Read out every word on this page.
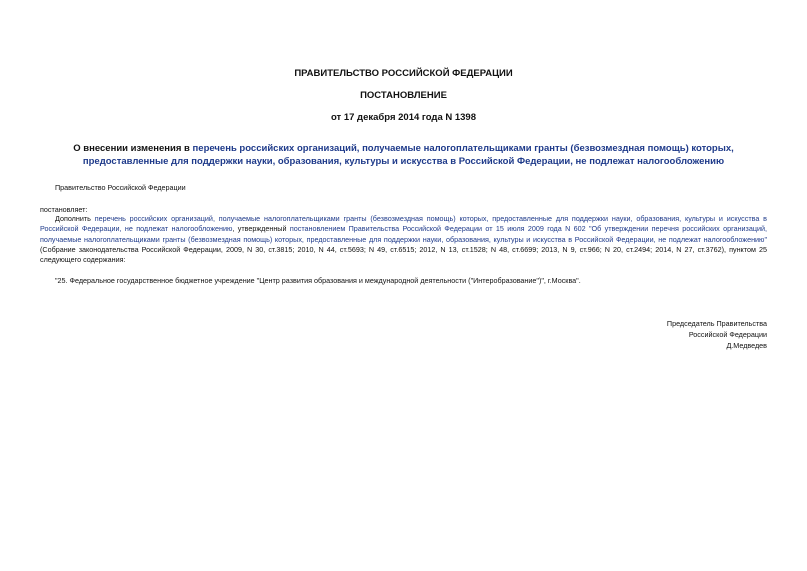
ПРАВИТЕЛЬСТВО РОССИЙСКОЙ ФЕДЕРАЦИИ
ПОСТАНОВЛЕНИЕ
от 17 декабря 2014 года N 1398
О внесении изменения в перечень российских организаций, получаемые налогоплательщиками гранты (безвозмездная помощь) которых, предоставленные для поддержки науки, образования, культуры и искусства в Российской Федерации, не подлежат налогообложению
Правительство Российской Федерации
постановляет:
Дополнить перечень российских организаций, получаемые налогоплательщиками гранты (безвозмездная помощь) которых, предоставленные для поддержки науки, образования, культуры и искусства в Российской Федерации, не подлежат налогообложению, утвержденный постановлением Правительства Российской Федерации от 15 июля 2009 года N 602 "Об утверждении перечня российских организаций, получаемые налогоплательщиками гранты (безвозмездная помощь) которых, предоставленные для поддержки науки, образования, культуры и искусства в Российской Федерации, не подлежат налогообложению" (Собрание законодательства Российской Федерации, 2009, N 30, ст.3815; 2010, N 44, ст.5693; N 49, ст.6515; 2012, N 13, ст.1528; N 48, ст.6699; 2013, N 9, ст.966; N 20, ст.2494; 2014, N 27, ст.3762), пунктом 25 следующего содержания:
"25. Федеральное государственное бюджетное учреждение "Центр развития образования и международной деятельности ("Интеробразование")", г.Москва".
Председатель Правительства
Российской Федерации
Д.Медведев
